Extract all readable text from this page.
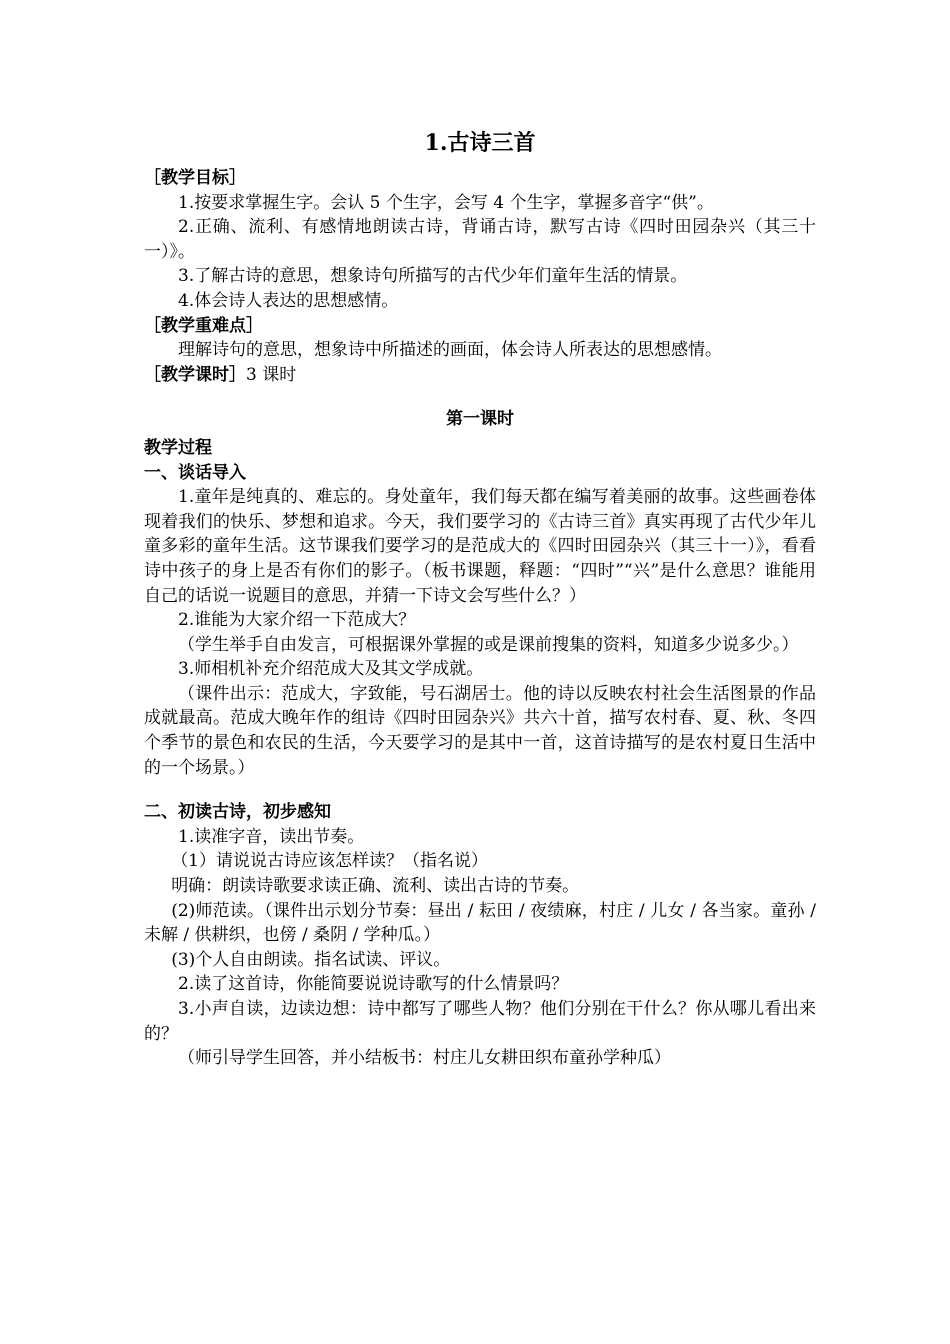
1.古诗三首
［教学目标］
1.按要求掌握生字。会认 5 个生字，会写 4 个生字，掌握多音字“供”。
2.正确、流利、有感情地朗读古诗，背诵古诗，默写古诗《四时田园杂兴（其三十一）》。
3.了解古诗的意思，想象诗句所描写的古代少年们童年生活的情景。
4.体会诗人表达的思想感情。
［教学重难点］
理解诗句的意思，想象诗中所描述的画面，体会诗人所表达的思想感情。
［教学课时］3 课时
第一课时
教学过程
一、谈话导入
1.童年是纯真的、难忘的。身处童年，我们每天都在编写着美丽的故事。这些画卷体现着我们的快乐、梦想和追求。今天，我们要学习的《古诗三首》真实再现了古代少年儿童多彩的童年生活。这节课我们要学习的是范成大的《四时田园杂兴（其三十一）》，看看诗中孩子的身上是否有你们的影子。（板书课题，释题：“四时”“兴”是什么意思？谁能用自己的话说一说题目的意思，并猜一下诗文会写些什么？）
2.谁能为大家介绍一下范成大？
（学生举手自由发言，可根据课外掌握的或是课前搜集的资料，知道多少说多少。）
3.师相机补充介绍范成大及其文学成就。
（课件出示：范成大，字致能，号石湖居士。他的诗以反映农村社会生活图景的作品成就最高。范成大晚年作的组诗《四时田园杂兴》共六十首，描写农村春、夏、秋、冬四个季节的景色和农民的生活，今天要学习的是其中一首，这首诗描写的是农村夏日生活中的一个场景。）
二、初读古诗，初步感知
1.读准字音，读出节奏。
（1）请说说古诗应该怎样读？（指名说）
明确：朗读诗歌要求读正确、流利、读出古诗的节奏。
(2)师范读。（课件出示划分节奏：昼出 / 耘田 / 夜绩麻，村庄 / 儿女 / 各当家。童孙 / 未解 / 供耕织，也傍 / 桑阴 / 学种瓜。）
(3)个人自由朗读。指名试读、评议。
2.读了这首诗，你能简要说说诗歌写的什么情景吗？
3.小声自读，边读边想：诗中都写了哪些人物？他们分别在干什么？你从哪儿看出来的？
（师引导学生回答，并小结板书：村庄儿女耕田织布童孙学种瓜）
